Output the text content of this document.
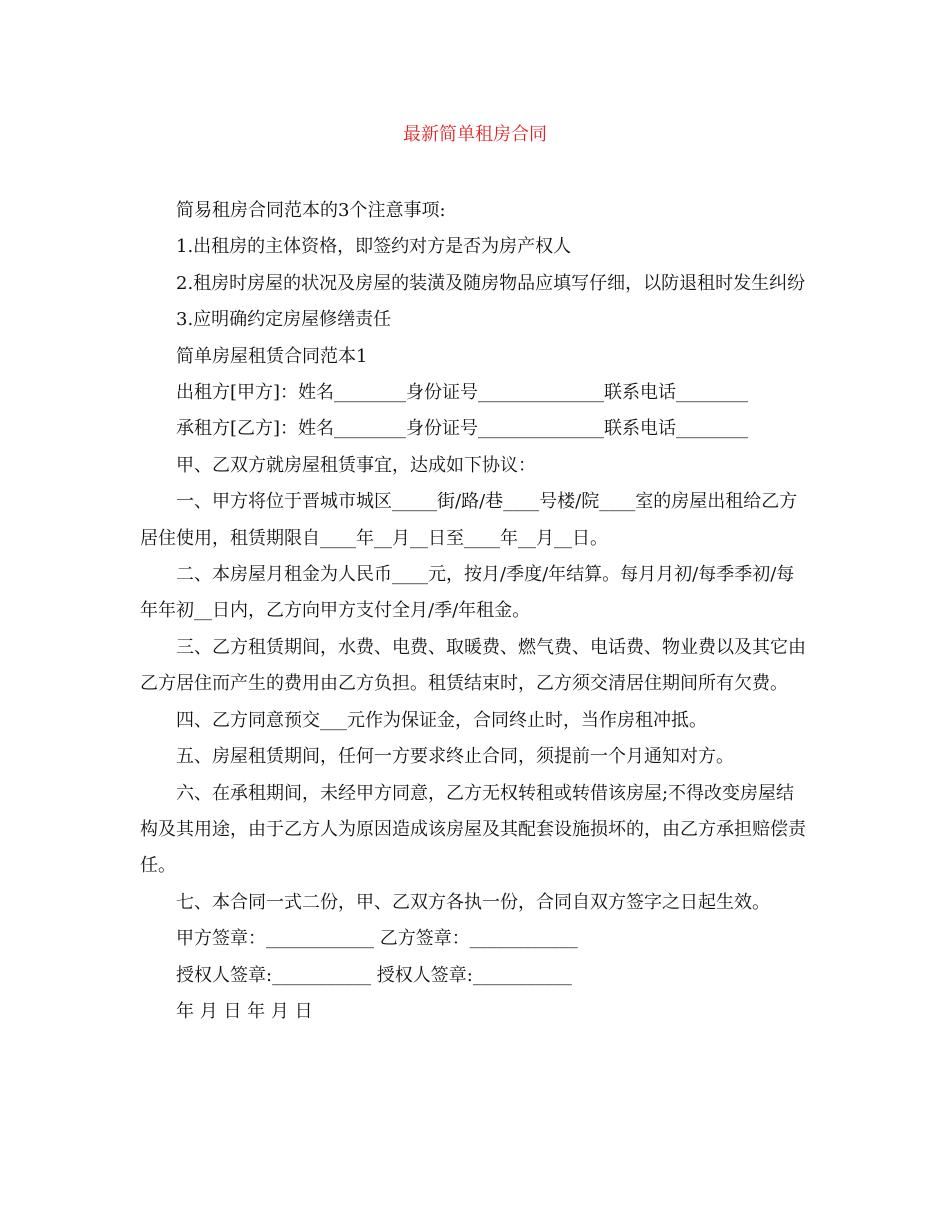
最新简单租房合同

简易租房合同范本的3个注意事项:

1.出租房的主体资格，即签约对方是否为房产权人

2.租房时房屋的状况及房屋的装潢及随房物品应填写仔细，以防退租时发生纠纷

3.应明确约定房屋修缮责任

简单房屋租赁合同范本1

出租方[甲方]：姓名________身份证号______________联系电话________

承租方[乙方]：姓名________身份证号______________联系电话________

甲、乙双方就房屋租赁事宜，达成如下协议：

一、甲方将位于晋城市城区_____街/路/巷____号楼/院____室的房屋出租给乙方居住使用，租赁期限自____年__月__日至____年__月__日。

二、本房屋月租金为人民币____元，按月/季度/年结算。每月月初/每季季初/每年年初__日内，乙方向甲方支付全月/季/年租金。

三、乙方租赁期间，水费、电费、取暖费、燃气费、电话费、物业费以及其它由乙方居住而产生的费用由乙方负担。租赁结束时，乙方须交清居住期间所有欠费。

四、乙方同意预交___元作为保证金，合同终止时，当作房租冲抵。

五、房屋租赁期间，任何一方要求终止合同，须提前一个月通知对方。

六、在承租期间，未经甲方同意，乙方无权转租或转借该房屋;不得改变房屋结构及其用途，由于乙方人为原因造成该房屋及其配套设施损坏的，由乙方承担赔偿责任。

七、本合同一式二份，甲、乙双方各执一份，合同自双方签字之日起生效。

甲方签章：____________ 乙方签章：____________

授权人签章:___________ 授权人签章:___________

年 月 日 年 月 日
